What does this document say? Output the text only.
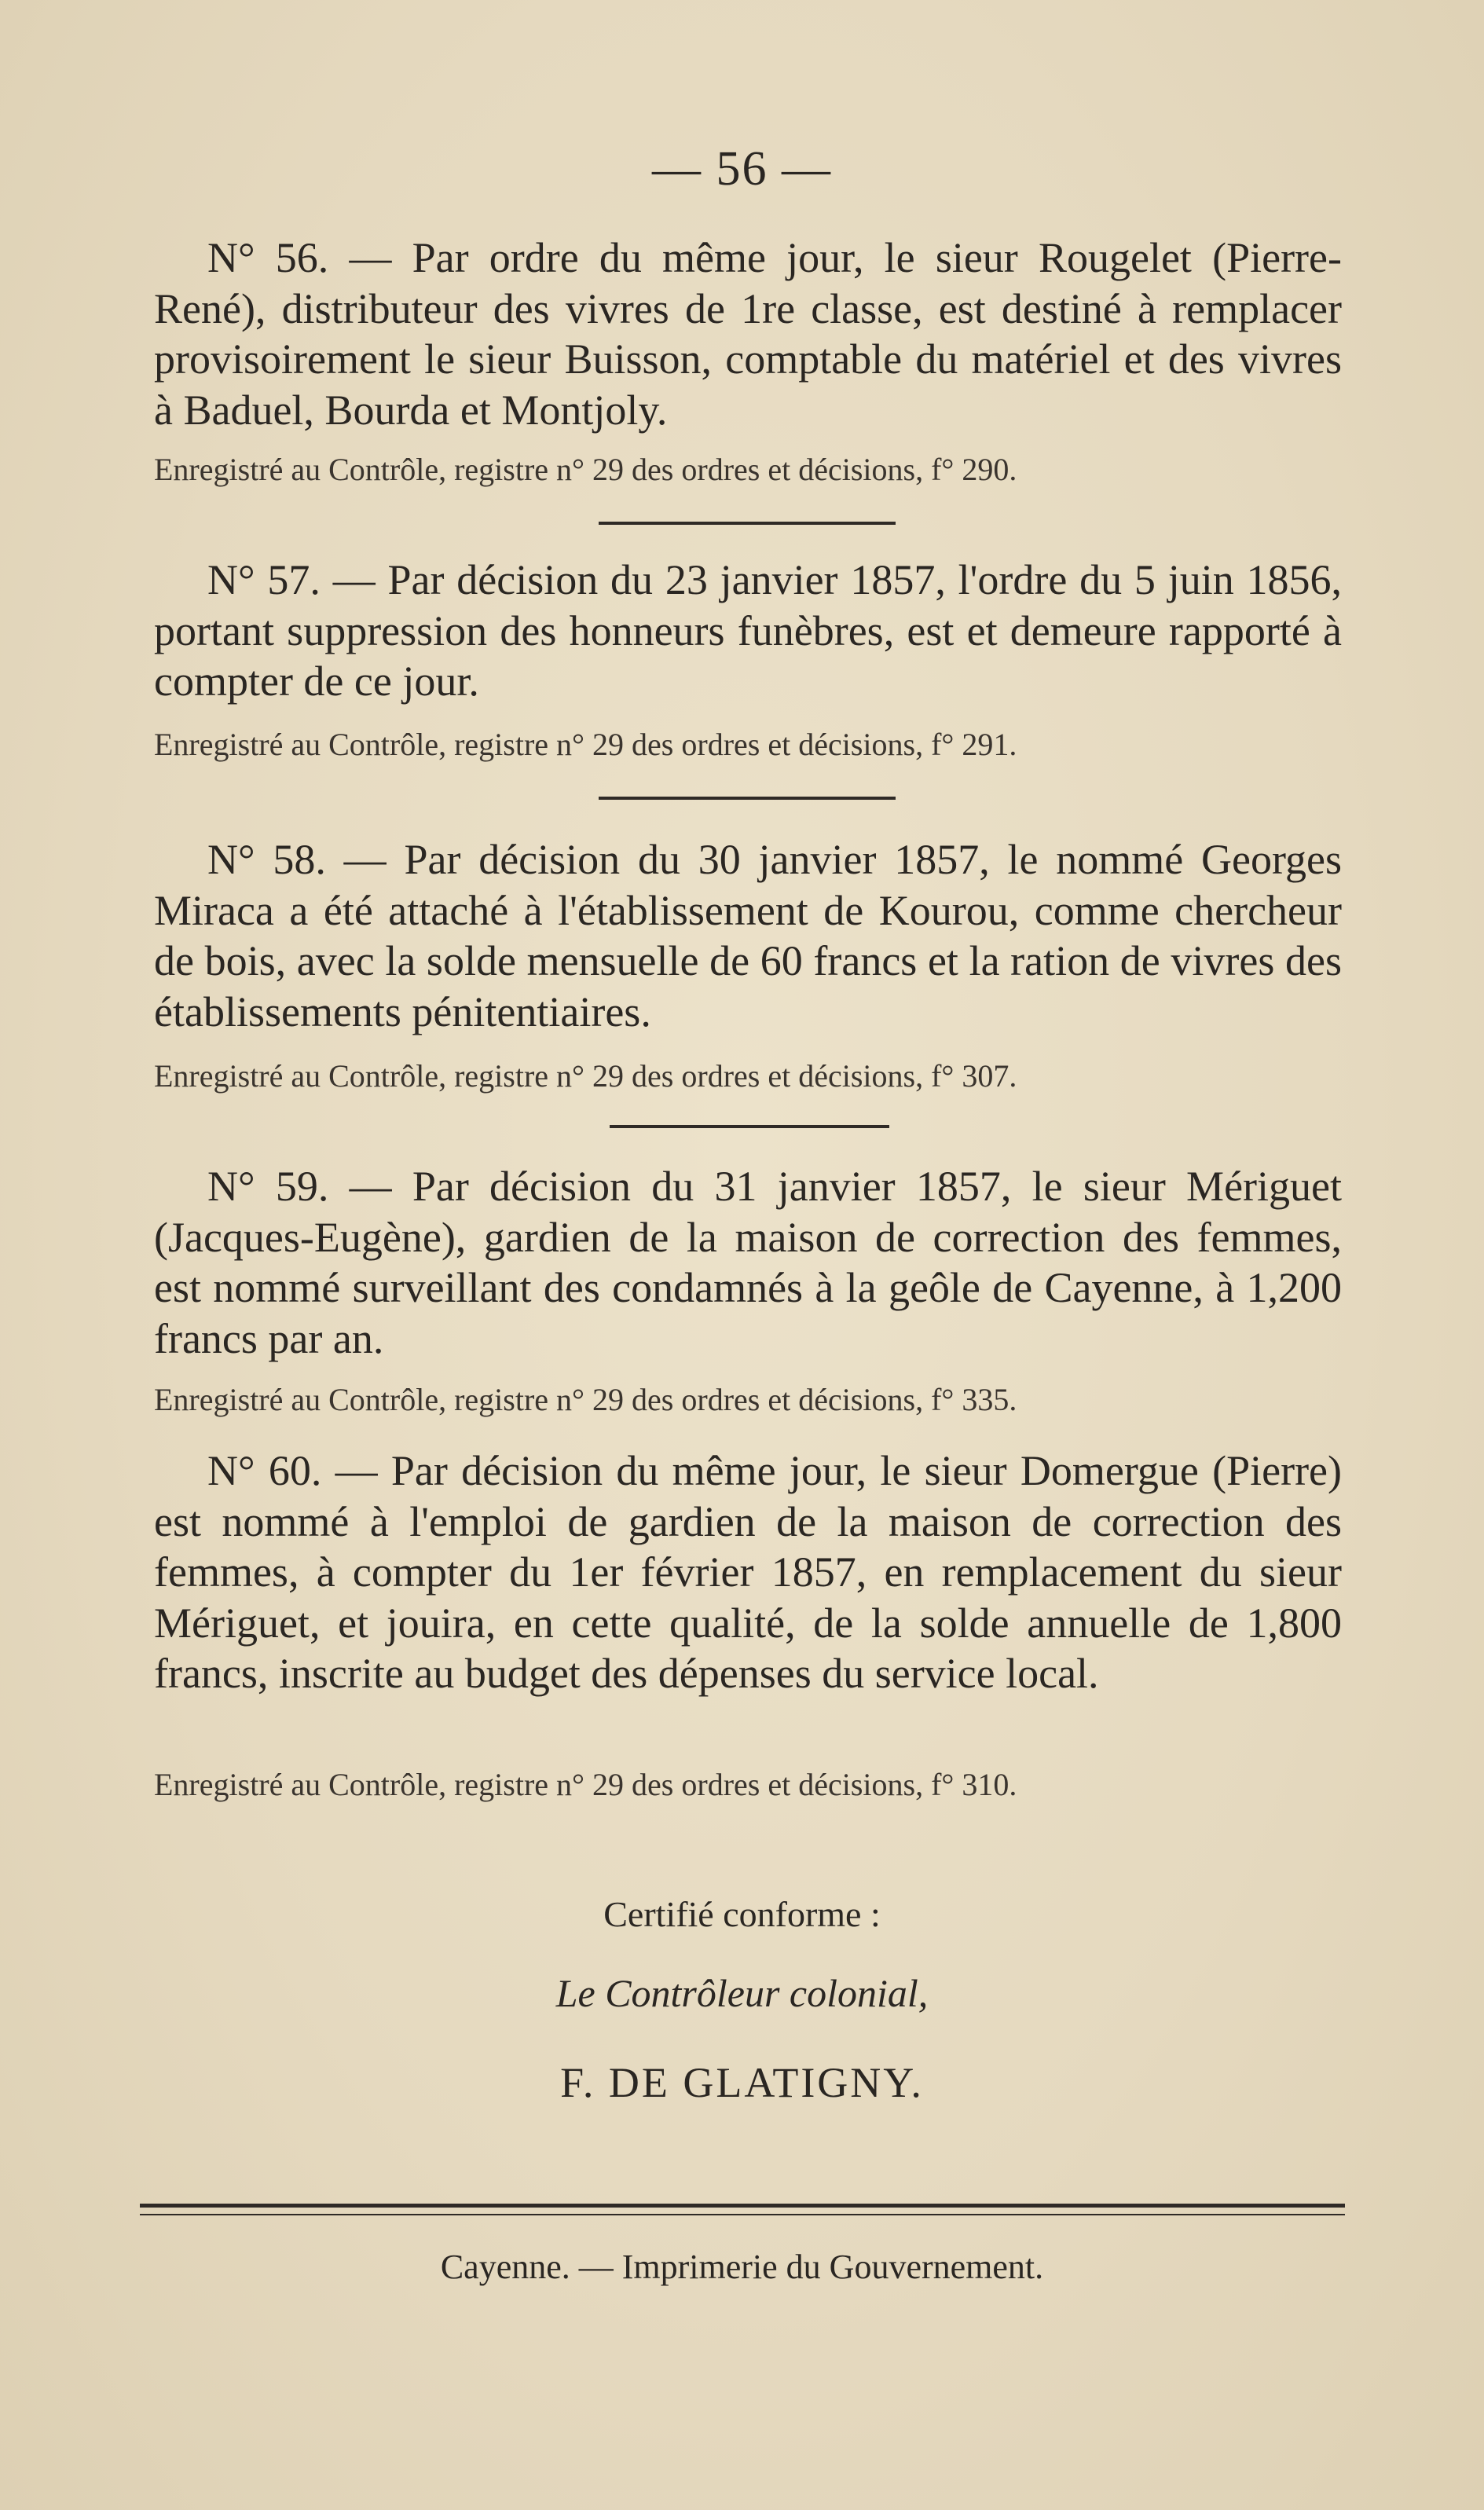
— 56 —
N° 56. — Par ordre du même jour, le sieur Rougelet (Pierre-René), distributeur des vivres de 1re classe, est destiné à remplacer provisoirement le sieur Buisson, comptable du matériel et des vivres à Baduel, Bourda et Montjoly.
Enregistré au Contrôle, registre n° 29 des ordres et décisions, f° 290.
N° 57. — Par décision du 23 janvier 1857, l'ordre du 5 juin 1856, portant suppression des honneurs funèbres, est et demeure rapporté à compter de ce jour.
Enregistré au Contrôle, registre n° 29 des ordres et décisions, f° 291.
N° 58. — Par décision du 30 janvier 1857, le nommé Georges Miraca a été attaché à l'établissement de Kourou, comme chercheur de bois, avec la solde mensuelle de 60 francs et la ration de vivres des établissements pénitentiaires.
Enregistré au Contrôle, registre n° 29 des ordres et décisions, f° 307.
N° 59. — Par décision du 31 janvier 1857, le sieur Mériguet (Jacques-Eugène), gardien de la maison de correction des femmes, est nommé surveillant des condamnés à la geôle de Cayenne, à 1,200 francs par an.
Enregistré au Contrôle, registre n° 29 des ordres et décisions, f° 335.
N° 60. — Par décision du même jour, le sieur Domergue (Pierre) est nommé à l'emploi de gardien de la maison de correction des femmes, à compter du 1er février 1857, en remplacement du sieur Mériguet, et jouira, en cette qualité, de la solde annuelle de 1,800 francs, inscrite au budget des dépenses du service local.
Enregistré au Contrôle, registre n° 29 des ordres et décisions, f° 310.
Certifié conforme :
Le Contrôleur colonial,
F. DE GLATIGNY.
Cayenne. — Imprimerie du Gouvernement.
